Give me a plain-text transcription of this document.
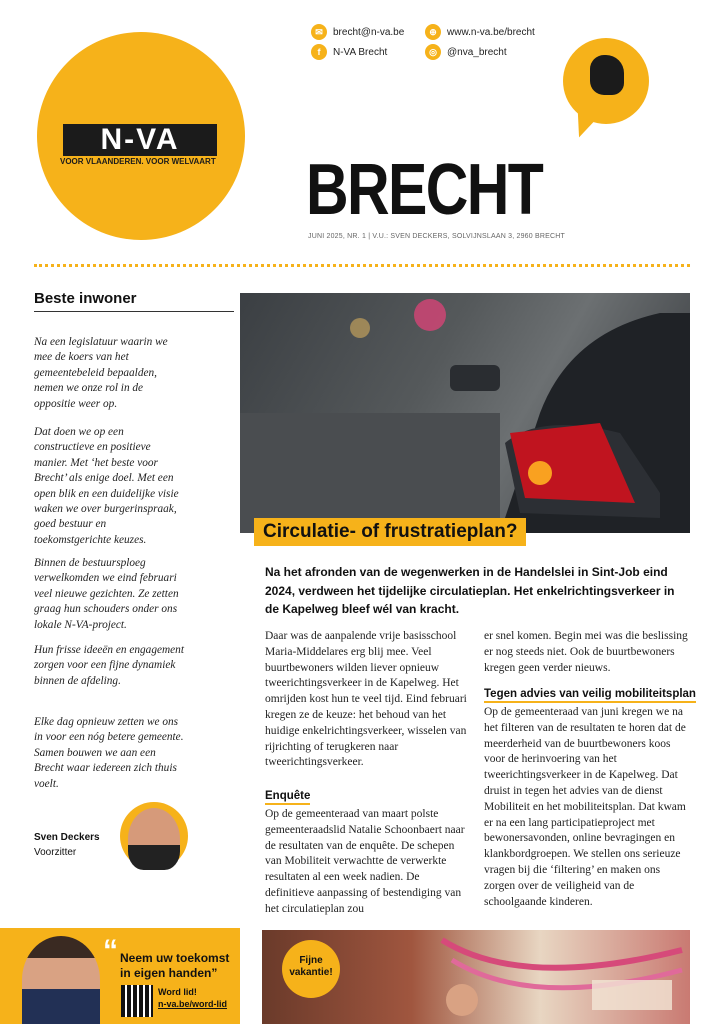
N-VA
VOOR VLAANDEREN. VOOR WELVAART
✉	brecht@n-va.be	⊕	www.n-va.be/brecht
f	N-VA Brecht	◎	@nva_brecht
BRECHT
JUNI 2025, NR. 1 | V.U.: SVEN DECKERS, SOLVIJNSLAAN 3, 2960 BRECHT
Beste inwoner

Na een legislatuur waarin we mee de koers van het gemeentebeleid bepaalden, nemen we onze rol in de oppositie weer op.

Dat doen we op een constructieve en positieve manier. Met ‘het beste voor Brecht’ als enige doel. Met een open blik en een duidelijke visie waken we over burgerinspraak, goed bestuur en toekomstgerichte keuzes.

Binnen de bestuursploeg verwelkomden we eind februari veel nieuwe gezichten. Ze zetten graag hun schouders onder ons lokale N-VA-project.

Hun frisse ideeën en engagement zorgen voor een fijne dynamiek binnen de afdeling.

Elke dag opnieuw zetten we ons in voor een nóg betere gemeente. Samen bouwen we aan een Brecht waar iedereen zich thuis voelt.

Sven Deckers
Voorzitter
Circulatie- of frustratieplan?

Na het afronden van de wegenwerken in de Handelslei in Sint-Job eind 2024, verdween het tijdelijke circulatieplan. Het enkelrichtingsverkeer in de Kapelweg bleef wél van kracht.

Daar was de aanpalende vrije basisschool Maria-Middelares erg blij mee. Veel buurtbewoners wilden liever opnieuw tweerichtingsverkeer in de Kapelweg. Het omrijden kost hun te veel tijd. Eind februari kregen ze de keuze: het behoud van het huidige enkelrichtingsverkeer, wisselen van rijrichting of terugkeren naar tweerichtingsverkeer.

Enquête

Op de gemeenteraad van maart polste gemeenteraadslid Natalie Schoonbaert naar de resultaten van de enquête. De schepen van Mobiliteit verwachtte de verwerkte resultaten al een week nadien. De definitieve aanpassing of bestendiging van het circulatieplan zou

er snel komen. Begin mei was die beslissing er nog steeds niet. Ook de buurtbewoners kregen geen verder nieuws.

Tegen advies van veilig mobiliteitsplan

Op de gemeenteraad van juni kregen we na het filteren van de resultaten te horen dat de meerderheid van de buurtbewoners koos voor de herinvoering van het tweerichtingsverkeer in de Kapelweg. Dat druist in tegen het advies van de dienst Mobiliteit en het mobiliteitsplan. Dat kwam er na een lang participatieproject met bewonersavonden, online bevragingen en klankbordgroepen. We stellen ons serieuze vragen bij die ‘filtering’ en maken ons zorgen over de veiligheid van de schoolgaande kinderen.

“ Neem uw toekomst in eigen handen”
Word lid!
n-va.be/word-lid
Fijne vakantie!
